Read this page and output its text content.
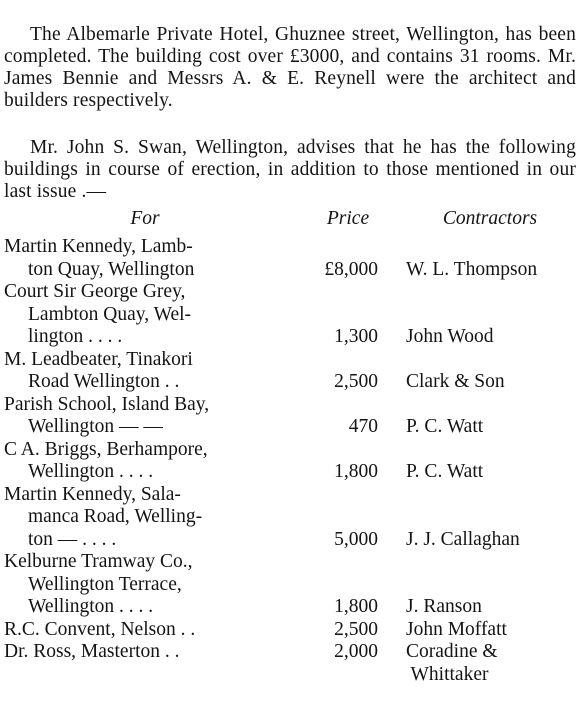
The Albemarle Private Hotel, Ghuznee street, Wellington, has been completed. The building cost over £3000, and contains 31 rooms. Mr. James Bennie and Messrs A. & E. Reynell were the architect and builders respectively.

Mr. John S. Swan, Wellington, advises that he has the following buildings in course of erection, in addition to those mentioned in our last issue .—

For	Price	Contractors
Martin Kennedy, Lamb-
ton Quay, Wellington	£8,000 W. L. Thompson
Court Sir George Grey,
Lambton Quay, Wel-
lington . . . .	1,300 John Wood
M. Leadbeater, Tinakori
Road Wellington . .	2,500 Clark & Son
Parish School, Island Bay,
Wellington — —	470 P. C. Watt
C A. Briggs, Berhampore,
Wellington . . . .	1,800 P. C. Watt
Martin Kennedy, Sala-
manca Road, Welling-
ton — . . . .	5,000 J. J. Callaghan
Kelburne Tramway Co.,
Wellington Terrace,
Wellington . . . .	1,800 J. Ranson
R.C. Convent, Nelson . .	2,500 John Moffatt
Dr. Ross, Masterton . .	2,000 Coradine &
Whittaker
